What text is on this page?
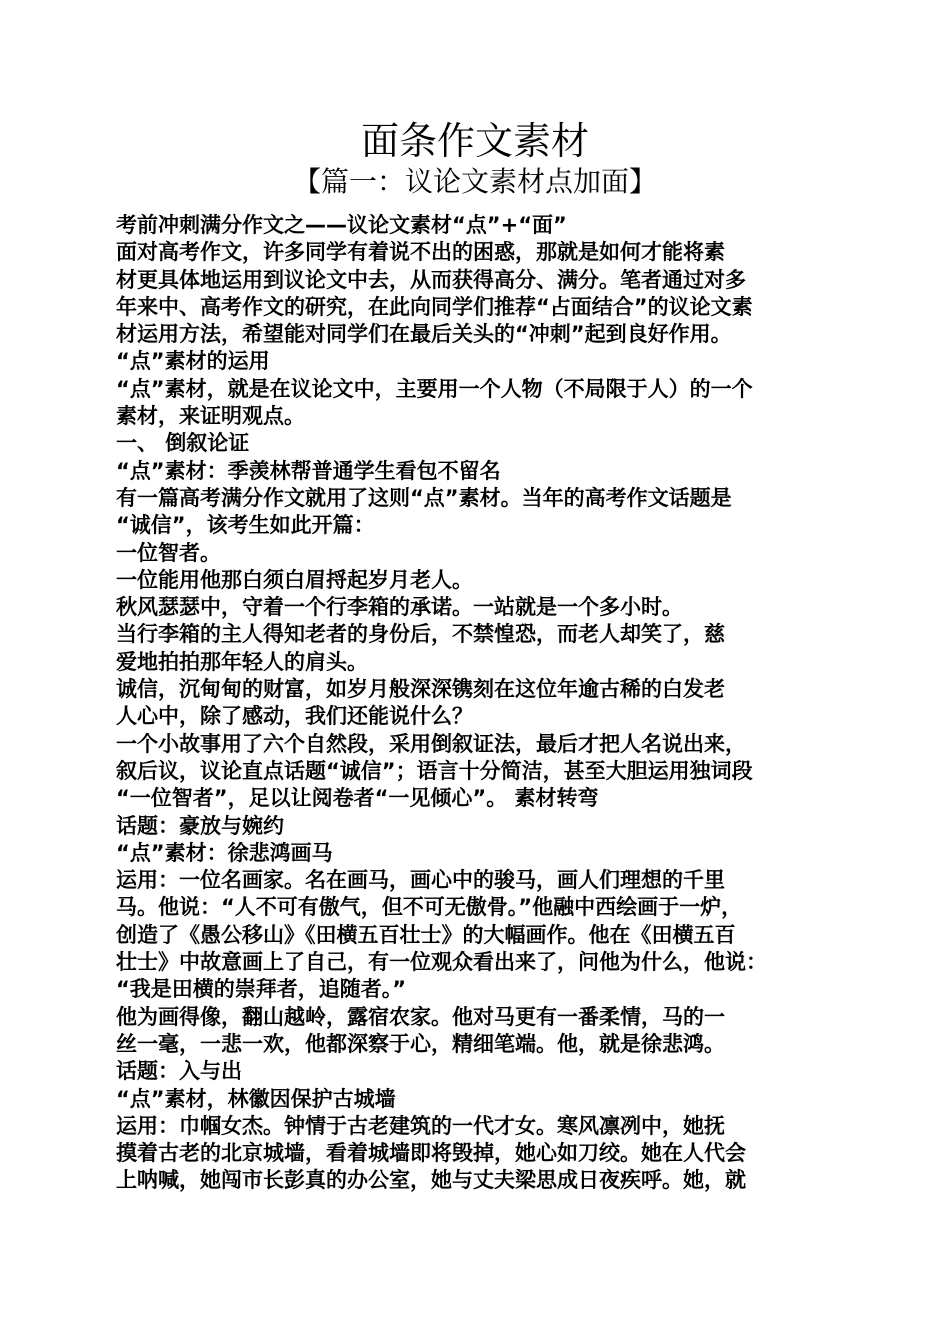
面条作文素材
【篇一：议论文素材点加面】
考前冲刺满分作文之——议论文素材“点”+“面”
面对高考作文，许多同学有着说不出的困惑，那就是如何才能将素
材更具体地运用到议论文中去，从而获得高分、满分。笔者通过对多
年来中、高考作文的研究，在此向同学们推荐“占面结合”的议论文素
材运用方法，希望能对同学们在最后关头的“冲刺”起到良好作用。
“点”素材的运用
“点”素材，就是在议论文中，主要用一个人物（不局限于人）的一个
素材，来证明观点。
一、 倒叙论证
“点”素材：季羡林帮普通学生看包不留名
有一篇高考满分作文就用了这则“点”素材。当年的高考作文话题是
“诚信”，该考生如此开篇：
一位智者。
一位能用他那白须白眉捋起岁月老人。
秋风瑟瑟中，守着一个行李箱的承诺。一站就是一个多小时。
当行李箱的主人得知老者的身份后，不禁惶恐，而老人却笑了，慈
爱地拍拍那年轻人的肩头。
诚信，沉甸甸的财富，如岁月般深深镌刻在这位年逾古稀的白发老
人心中，除了感动，我们还能说什么？
一个小故事用了六个自然段，采用倒叙证法，最后才把人名说出来，
叙后议，议论直点话题“诚信”；语言十分简洁，甚至大胆运用独词段
“一位智者”，足以让阅卷者“一见倾心”。 素材转弯
话题：豪放与婉约
“点”素材：徐悲鸿画马
运用：一位名画家。名在画马，画心中的骏马，画人们理想的千里
马。他说：“人不可有傲气，但不可无傲骨。”他融中西绘画于一炉，
创造了《愚公移山》《田横五百壮士》的大幅画作。他在《田横五百
壮士》中故意画上了自己，有一位观众看出来了，问他为什么，他说：
“我是田横的崇拜者，追随者。”
他为画得像，翻山越岭，露宿农家。他对马更有一番柔情，马的一
丝一毫，一悲一欢，他都深察于心，精细笔端。他，就是徐悲鸿。
话题：入与出
“点”素材，林徽因保护古城墙
运用：巾帼女杰。钟情于古老建筑的一代才女。寒风凛冽中，她抚
摸着古老的北京城墙，看着城墙即将毁掉，她心如刀绞。她在人代会
上呐喊，她闯市长彭真的办公室，她与丈夫梁思成日夜疾呼。她，就
